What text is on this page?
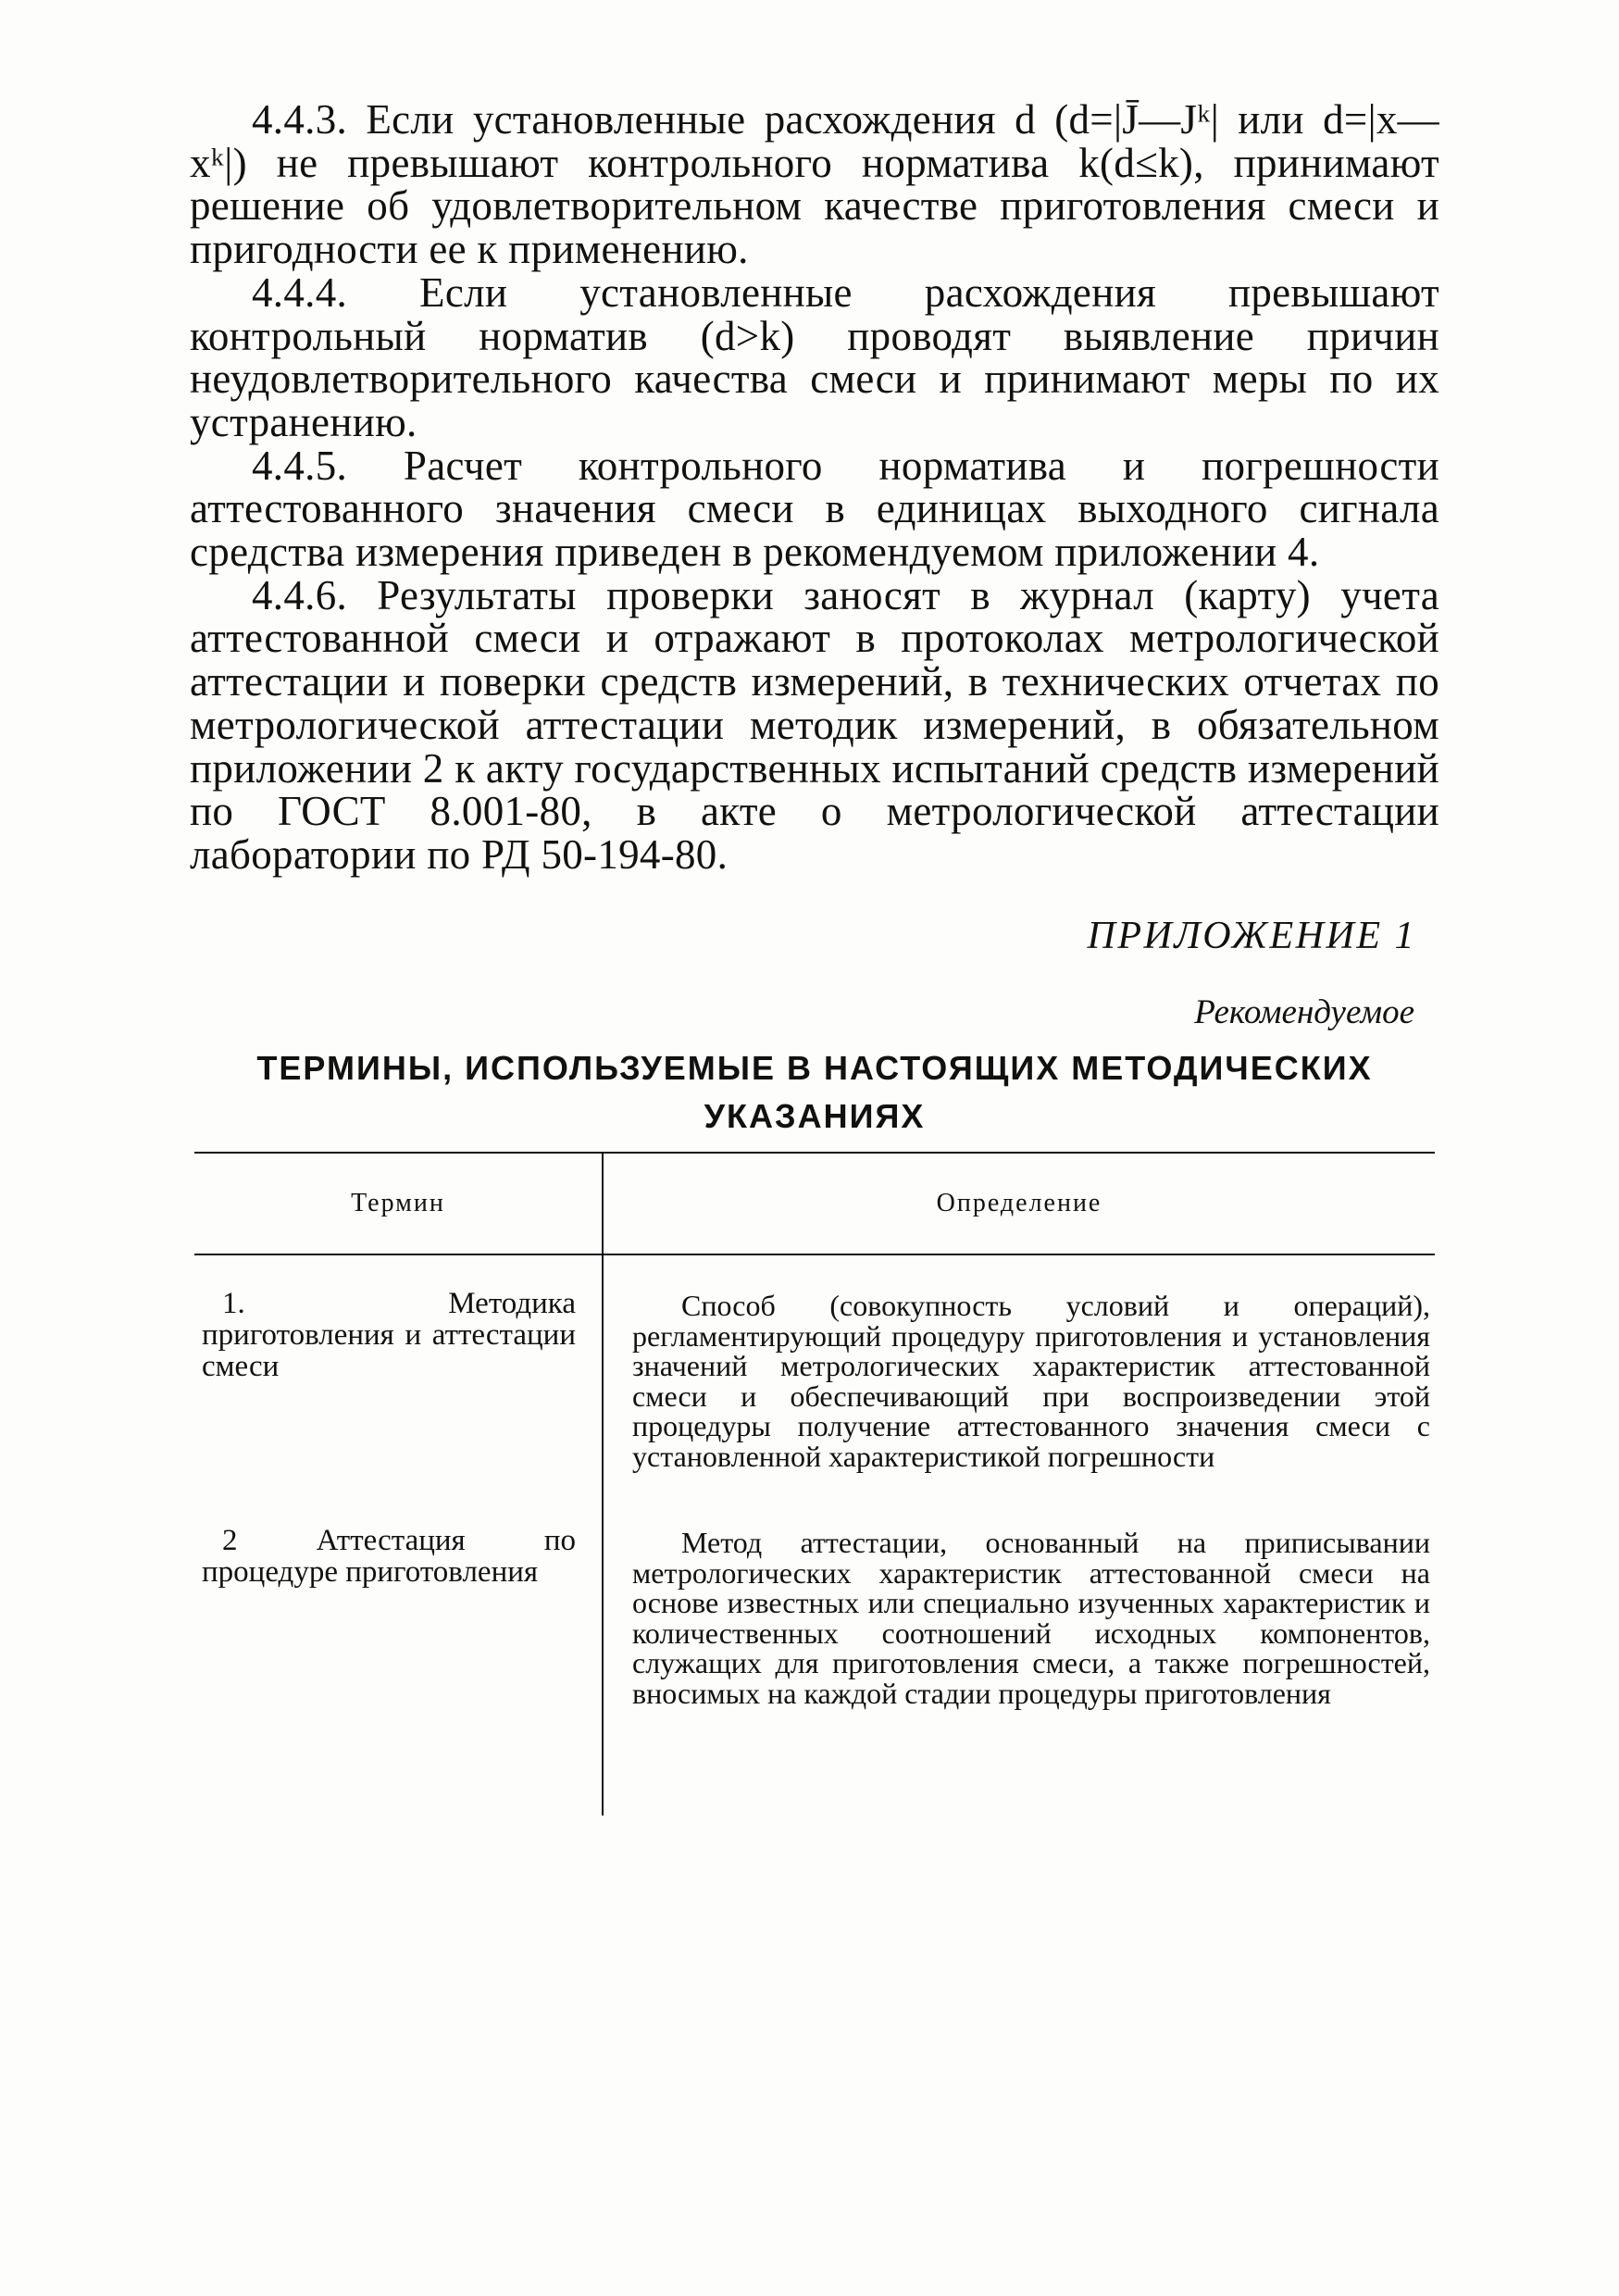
4.4.3. Если установленные расхождения d (d=|J̄—Jᵏ| или d=|x—xᵏ|) не превышают контрольного норматива k(d≤k), принимают решение об удовлетворительном качестве приготовления смеси и пригодности ее к применению.

4.4.4. Если установленные расхождения превышают контрольный норматив (d>k) проводят выявление причин неудовлетворительного качества смеси и принимают меры по их устранению.

4.4.5. Расчет контрольного норматива и погрешности аттестованного значения смеси в единицах выходного сигнала средства измерения приведен в рекомендуемом приложении 4.

4.4.6. Результаты проверки заносят в журнал (карту) учета аттестованной смеси и отражают в протоколах метрологической аттестации и поверки средств измерений, в технических отчетах по метрологической аттестации методик измерений, в обязательном приложении 2 к акту государственных испытаний средств измерений по ГОСТ 8.001-80, в акте о метрологической аттестации лаборатории по РД 50-194-80.

ПРИЛОЖЕНИЕ 1
Рекомендуемое
ТЕРМИНЫ, ИСПОЛЬЗУЕМЫЕ В НАСТОЯЩИХ МЕТОДИЧЕСКИХ УКАЗАНИЯХ
Термин	Определение

1. Методика приготовления и аттестации смеси

Способ (совокупность условий и операций), регламентирующий процедуру приготовления и установления значений метрологических характеристик аттестованной смеси и обеспечивающий при воспроизведении этой процедуры получение аттестованного значения смеси с установленной характеристикой погрешности

2 Аттестация по процедуре приготовления

Метод аттестации, основанный на приписывании метрологических характеристик аттестованной смеси на основе известных или специально изученных характеристик и количественных соотношений исходных компонентов, служащих для приготовления смеси, а также погрешностей, вносимых на каждой стадии процедуры приготовления
